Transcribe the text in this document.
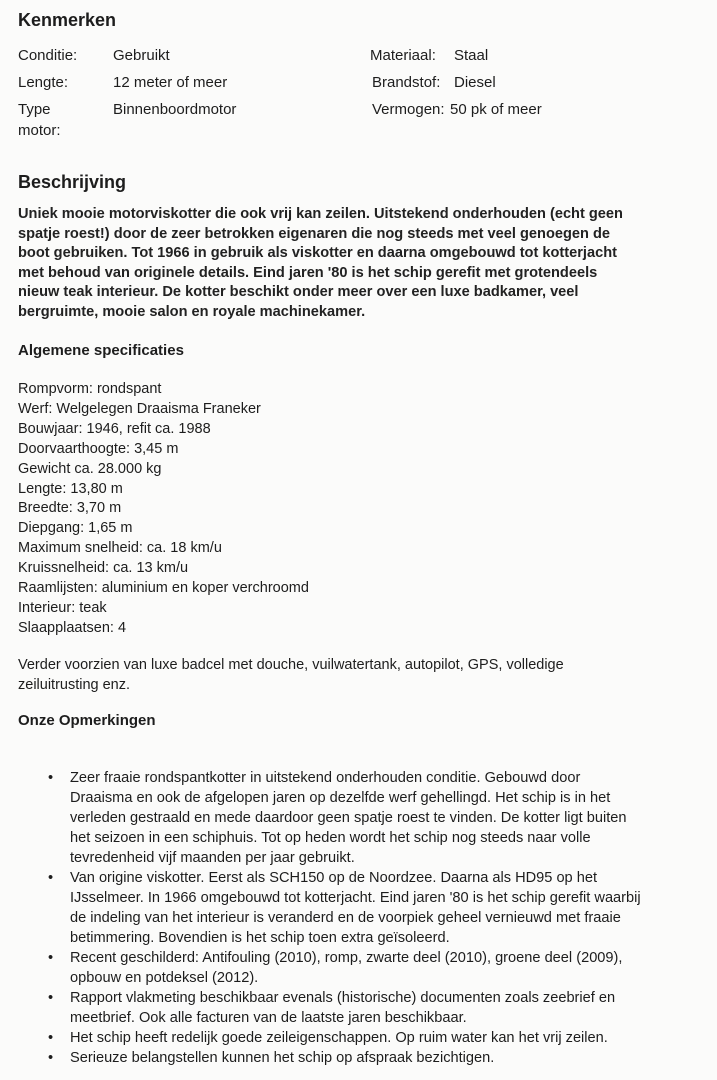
Kenmerken
Conditie: Gebruikt
Lengte:	12 meter of meer
Type
motor:
Binnenboordmotor
Materiaal: Staal
Brandstof: Diesel
Vermogen: 50 pk of meer
Beschrijving
Uniek mooie motorviskotter die ook vrij kan zeilen. Uitstekend onderhouden (echt geen
spatje roest!) door de zeer betrokken eigenaren die nog steeds met veel genoegen de
boot gebruiken. Tot 1966 in gebruik als viskotter en daarna omgebouwd tot kotterjacht
met behoud van originele details. Eind jaren '80 is het schip gerefit met grotendeels
nieuw teak interieur. De kotter beschikt onder meer over een luxe badkamer, veel
bergruimte, mooie salon en royale machinekamer.
Algemene specificaties
Rompvorm: rondspant
Werf: Welgelegen Draaisma Franeker
Bouwjaar: 1946, refit ca. 1988
Doorvaarthoogte: 3,45 m
Gewicht ca. 28.000 kg
Lengte: 13,80 m
Breedte: 3,70 m
Diepgang: 1,65 m
Maximum snelheid: ca. 18 km/u
Kruissnelheid: ca. 13 km/u
Raamlijsten: aluminium en koper verchroomd
Interieur: teak
Slaapplaatsen: 4
Verder voorzien van luxe badcel met douche, vuilwatertank, autopilot, GPS, volledige
zeiluitrusting enz.
Onze Opmerkingen
• Zeer fraaie rondspantkotter in uitstekend onderhouden conditie. Gebouwd door
Draaisma en ook de afgelopen jaren op dezelfde werf gehellingd. Het schip is in het
verleden gestraald en mede daardoor geen spatje roest te vinden. De kotter ligt buiten
het seizoen in een schiphuis. Tot op heden wordt het schip nog steeds naar volle
tevredenheid vijf maanden per jaar gebruikt.
• Van origine viskotter. Eerst als SCH150 op de Noordzee. Daarna als HD95 op het
IJsselmeer. In 1966 omgebouwd tot kotterjacht. Eind jaren '80 is het schip gerefit waarbij
de indeling van het interieur is veranderd en de voorpiek geheel vernieuwd met fraaie
betimmering. Bovendien is het schip toen extra geïsoleerd.
• Recent geschilderd: Antifouling (2010), romp, zwarte deel (2010), groene deel (2009),
opbouw en potdeksel (2012).
• Rapport vlakmeting beschikbaar evenals (historische) documenten zoals zeebrief en
meetbrief. Ook alle facturen van de laatste jaren beschikbaar.
• Het schip heeft redelijk goede zeileigenschappen. Op ruim water kan het vrij zeilen.
• Serieuze belangstellen kunnen het schip op afspraak bezichtigen.
